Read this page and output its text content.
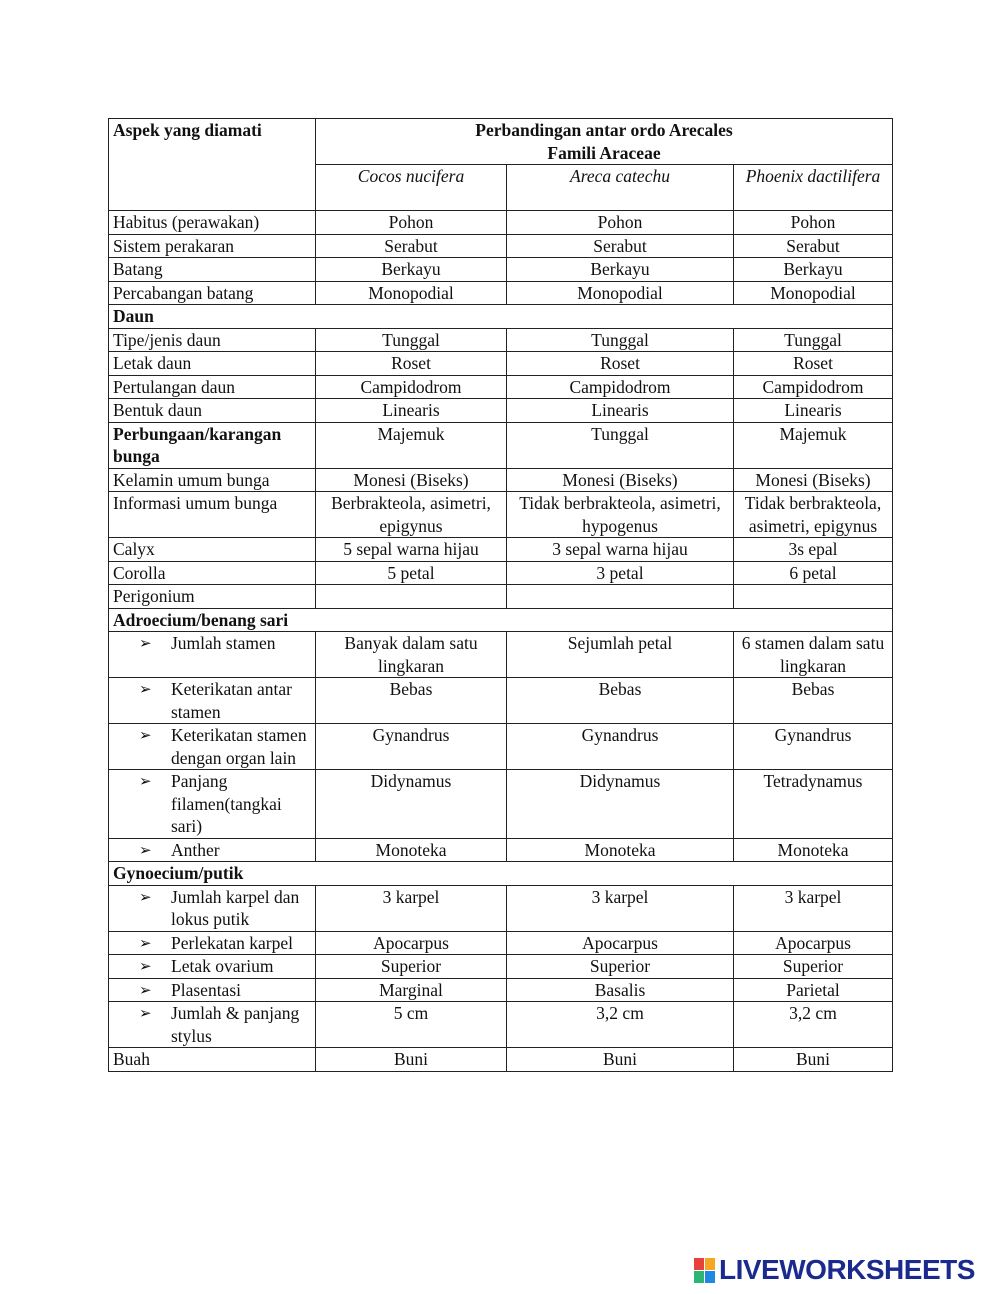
Aspek yang diamati	Perbandingan antar ordo Arecales
Famili Araceae		

	Cocos nucifera	Areca catechu	Phoenix dactilifera
Habitus (perawakan)	Pohon	Pohon	Pohon
Sistem perakaran	Serabut	Serabut	Serabut
Batang	Berkayu	Berkayu	Berkayu
Percabangan batang	Monopodial	Monopodial	Monopodial
Daun			
Tipe/jenis daun	Tunggal	Tunggal	Tunggal
Letak daun	Roset	Roset	Roset
Pertulangan daun	Campidodrom	Campidodrom	Campidodrom
Bentuk daun	Linearis	Linearis	Linearis
Perbungaan/karangan bunga	Majemuk	Tunggal	Majemuk
Kelamin umum bunga	Monesi (Biseks)	Monesi (Biseks)	Monesi (Biseks)
Informasi umum bunga	Berbrakteola, asimetri, epigynus	Tidak berbrakteola, asimetri, hypogenus	Tidak berbrakteola, asimetri, epigynus
Calyx	5 sepal warna hijau	3 sepal warna hijau	3s epal
Corolla	5 petal	3 petal	6 petal
Perigonium			
Adroecium/benang sari			

➢ Jumlah stamen	Banyak dalam satu lingkaran	Sejumlah petal	6 stamen dalam satu lingkaran

➢ Keterikatan antar stamen	Bebas	Bebas	Bebas

➢ Keterikatan stamen dengan organ lain	Gynandrus	Gynandrus	Gynandrus

➢ Panjang filamen(tangkai sari)	Didynamus	Didynamus	Tetradynamus

➢ Anther	Monoteka	Monoteka	Monoteka
Gynoecium/putik			

➢ Jumlah karpel dan lokus putik	3 karpel	3 karpel	3 karpel

➢ Perlekatan karpel	Apocarpus	Apocarpus	Apocarpus

➢ Letak ovarium	Superior	Superior	Superior

➢ Plasentasi	Marginal	Basalis	Parietal

➢ Jumlah & panjang stylus	5 cm	3,2 cm	3,2 cm
Buah	Buni	Buni	Buni
LIVEWORKSHEETS
